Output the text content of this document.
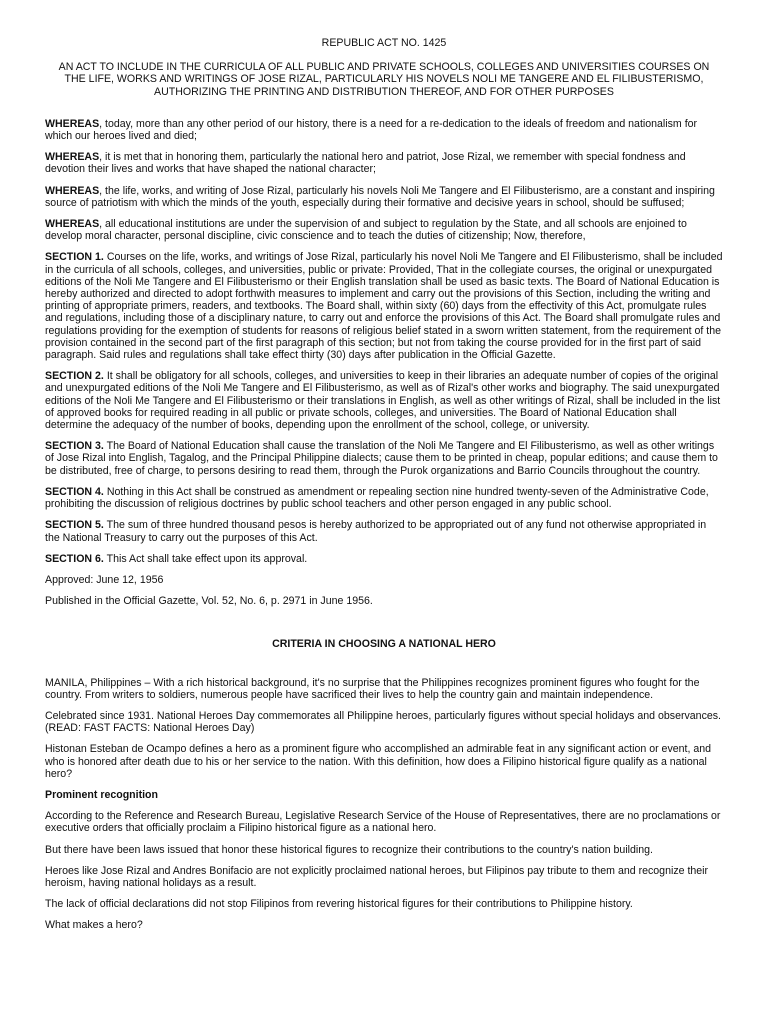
REPUBLIC ACT NO. 1425
AN ACT TO INCLUDE IN THE CURRICULA OF ALL PUBLIC AND PRIVATE SCHOOLS, COLLEGES AND UNIVERSITIES COURSES ON THE LIFE, WORKS AND WRITINGS OF JOSE RIZAL, PARTICULARLY HIS NOVELS NOLI ME TANGERE AND EL FILIBUSTERISMO, AUTHORIZING THE PRINTING AND DISTRIBUTION THEREOF, AND FOR OTHER PURPOSES

WHEREAS, today, more than any other period of our history, there is a need for a re-dedication to the ideals of freedom and nationalism for which our heroes lived and died;

WHEREAS, it is met that in honoring them, particularly the national hero and patriot, Jose Rizal, we remember with special fondness and devotion their lives and works that have shaped the national character;

WHEREAS, the life, works, and writing of Jose Rizal, particularly his novels Noli Me Tangere and El Filibusterismo, are a constant and inspiring source of patriotism with which the minds of the youth, especially during their formative and decisive years in school, should be suffused;

WHEREAS, all educational institutions are under the supervision of and subject to regulation by the State, and all schools are enjoined to develop moral character, personal discipline, civic conscience and to teach the duties of citizenship; Now, therefore,

SECTION 1. Courses on the life, works, and writings of Jose Rizal, particularly his novel Noli Me Tangere and El Filibusterismo, shall be included in the curricula of all schools, colleges, and universities, public or private: Provided, That in the collegiate courses, the original or unexpurgated editions of the Noli Me Tangere and El Filibusterismo or their English translation shall be used as basic texts. The Board of National Education is hereby authorized and directed to adopt forthwith measures to implement and carry out the provisions of this Section, including the writing and printing of appropriate primers, readers, and textbooks. The Board shall, within sixty (60) days from the effectivity of this Act, promulgate rules and regulations, including those of a disciplinary nature, to carry out and enforce the provisions of this Act. The Board shall promulgate rules and regulations providing for the exemption of students for reasons of religious belief stated in a sworn written statement, from the requirement of the provision contained in the second part of the first paragraph of this section; but not from taking the course provided for in the first part of said paragraph. Said rules and regulations shall take effect thirty (30) days after publication in the Official Gazette.

SECTION 2. It shall be obligatory for all schools, colleges, and universities to keep in their libraries an adequate number of copies of the original and unexpurgated editions of the Noli Me Tangere and El Filibusterismo, as well as of Rizal's other works and biography. The said unexpurgated editions of the Noli Me Tangere and El Filibusterismo or their translations in English, as well as other writings of Rizal, shall be included in the list of approved books for required reading in all public or private schools, colleges, and universities. The Board of National Education shall determine the adequacy of the number of books, depending upon the enrollment of the school, college, or university.

SECTION 3. The Board of National Education shall cause the translation of the Noli Me Tangere and El Filibusterismo, as well as other writings of Jose Rizal into English, Tagalog, and the Principal Philippine dialects; cause them to be printed in cheap, popular editions; and cause them to be distributed, free of charge, to persons desiring to read them, through the Purok organizations and Barrio Councils throughout the country.

SECTION 4. Nothing in this Act shall be construed as amendment or repealing section nine hundred twenty-seven of the Administrative Code, prohibiting the discussion of religious doctrines by public school teachers and other person engaged in any public school.

SECTION 5. The sum of three hundred thousand pesos is hereby authorized to be appropriated out of any fund not otherwise appropriated in the National Treasury to carry out the purposes of this Act.

SECTION 6. This Act shall take effect upon its approval.

Approved: June 12, 1956

Published in the Official Gazette, Vol. 52, No. 6, p. 2971 in June 1956.

CRITERIA IN CHOOSING A NATIONAL HERO

MANILA, Philippines – With a rich historical background, it's no surprise that the Philippines recognizes prominent figures who fought for the country. From writers to soldiers, numerous people have sacrificed their lives to help the country gain and maintain independence.

Celebrated since 1931. National Heroes Day commemorates all Philippine heroes, particularly figures without special holidays and observances. (READ: FAST FACTS: National Heroes Day)

Histonan Esteban de Ocampo defines a hero as a prominent figure who accomplished an admirable feat in any significant action or event, and who is honored after death due to his or her service to the nation. With this definition, how does a Filipino historical figure qualify as a national hero?

Prominent recognition

According to the Reference and Research Bureau, Legislative Research Service of the House of Representatives, there are no proclamations or executive orders that officially proclaim a Filipino historical figure as a national hero.

But there have been laws issued that honor these historical figures to recognize their contributions to the country's nation building.

Heroes like Jose Rizal and Andres Bonifacio are not explicitly proclaimed national heroes, but Filipinos pay tribute to them and recognize their heroism, having national holidays as a result.

The lack of official declarations did not stop Filipinos from revering historical figures for their contributions to Philippine history.

What makes a hero?
